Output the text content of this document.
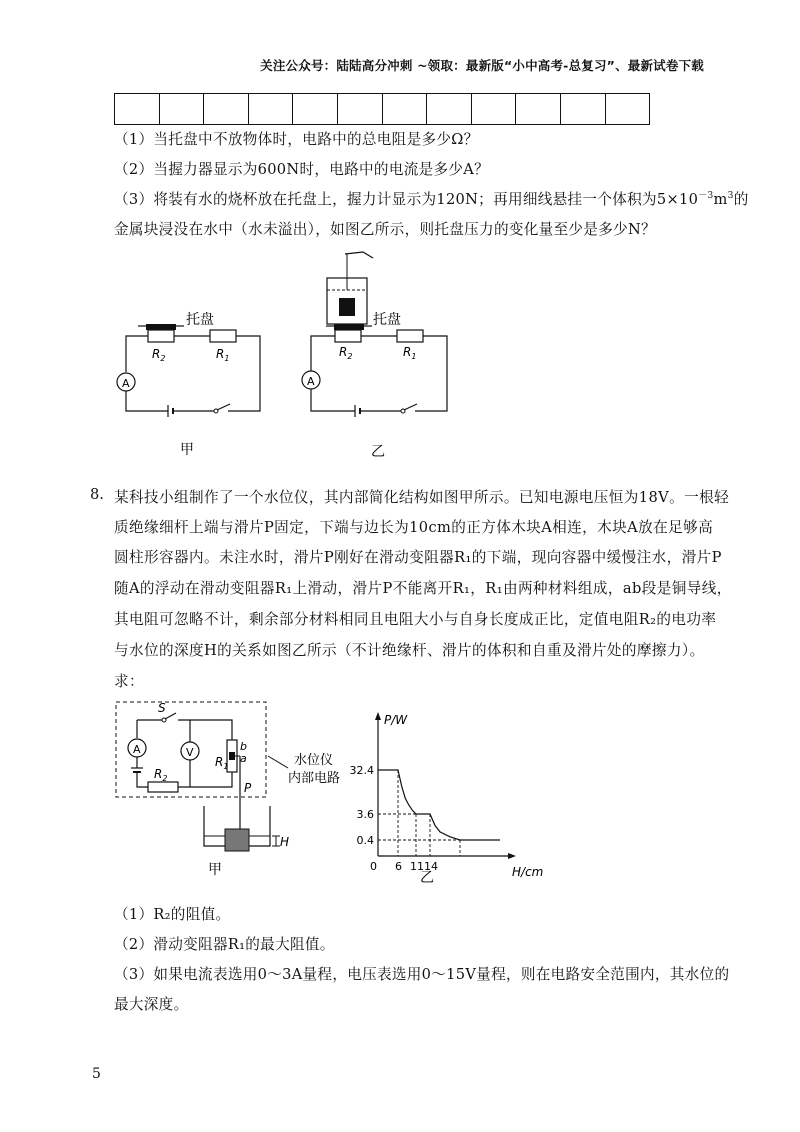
关注公众号：陆陆高分冲刺 ~领取：最新版“小中高考-总复习”、最新试卷下载

（1）当托盘中不放物体时，电路中的总电阻是多少Ω？
（2）当握力器显示为600N时，电路中的电流是多少A？
（3）将装有水的烧杯放在托盘上，握力计显示为120N；再用细线悬挂一个体积为$5\times 10^{-3}m^3$的
金属块浸没在水中（水未溢出），如图乙所示，则托盘压力的变化量至少是多少N？
托盘
A
$R_2$	$R_1$
甲
托盘
A
$R_2$	$R_1$
乙
8. 某科技小组制作了一个水位仪，其内部简化结构如图甲所示。已知电源电压恒为18V。一根轻
质绝缘细杆上端与滑片P固定，下端与边长为10cm的正方体木块A相连，木块A放在足够高
圆柱形容器内。未注水时，滑片P刚好在滑动变阻器R₁的下端，现向容器中缓慢注水，滑片P
随A的浮动在滑动变阻器R₁上滑动，滑片P不能离开R₁，R₁由两种材料组成，ab段是铜导线，
其电阻可忽略不计，剩余部分材料相同且电阻大小与自身长度成正比，定值电阻R₂的电功率
与水位的深度H的关系如图乙所示（不计绝缘杆、滑片的体积和自重及滑片处的摩擦力）。
求：
S
A	V
$R_2$
$R_1$
b
a
P
水位仪
内部电路
H
甲
P/W
H/cm
0 6 11 14
32.4
3.6
0.4
乙
（1）R₂的阻值。
（2）滑动变阻器R₁的最大阻值。
（3）如果电流表选用0～3A量程，电压表选用0～15V量程，则在电路安全范围内，其水位的
最大深度。
5
